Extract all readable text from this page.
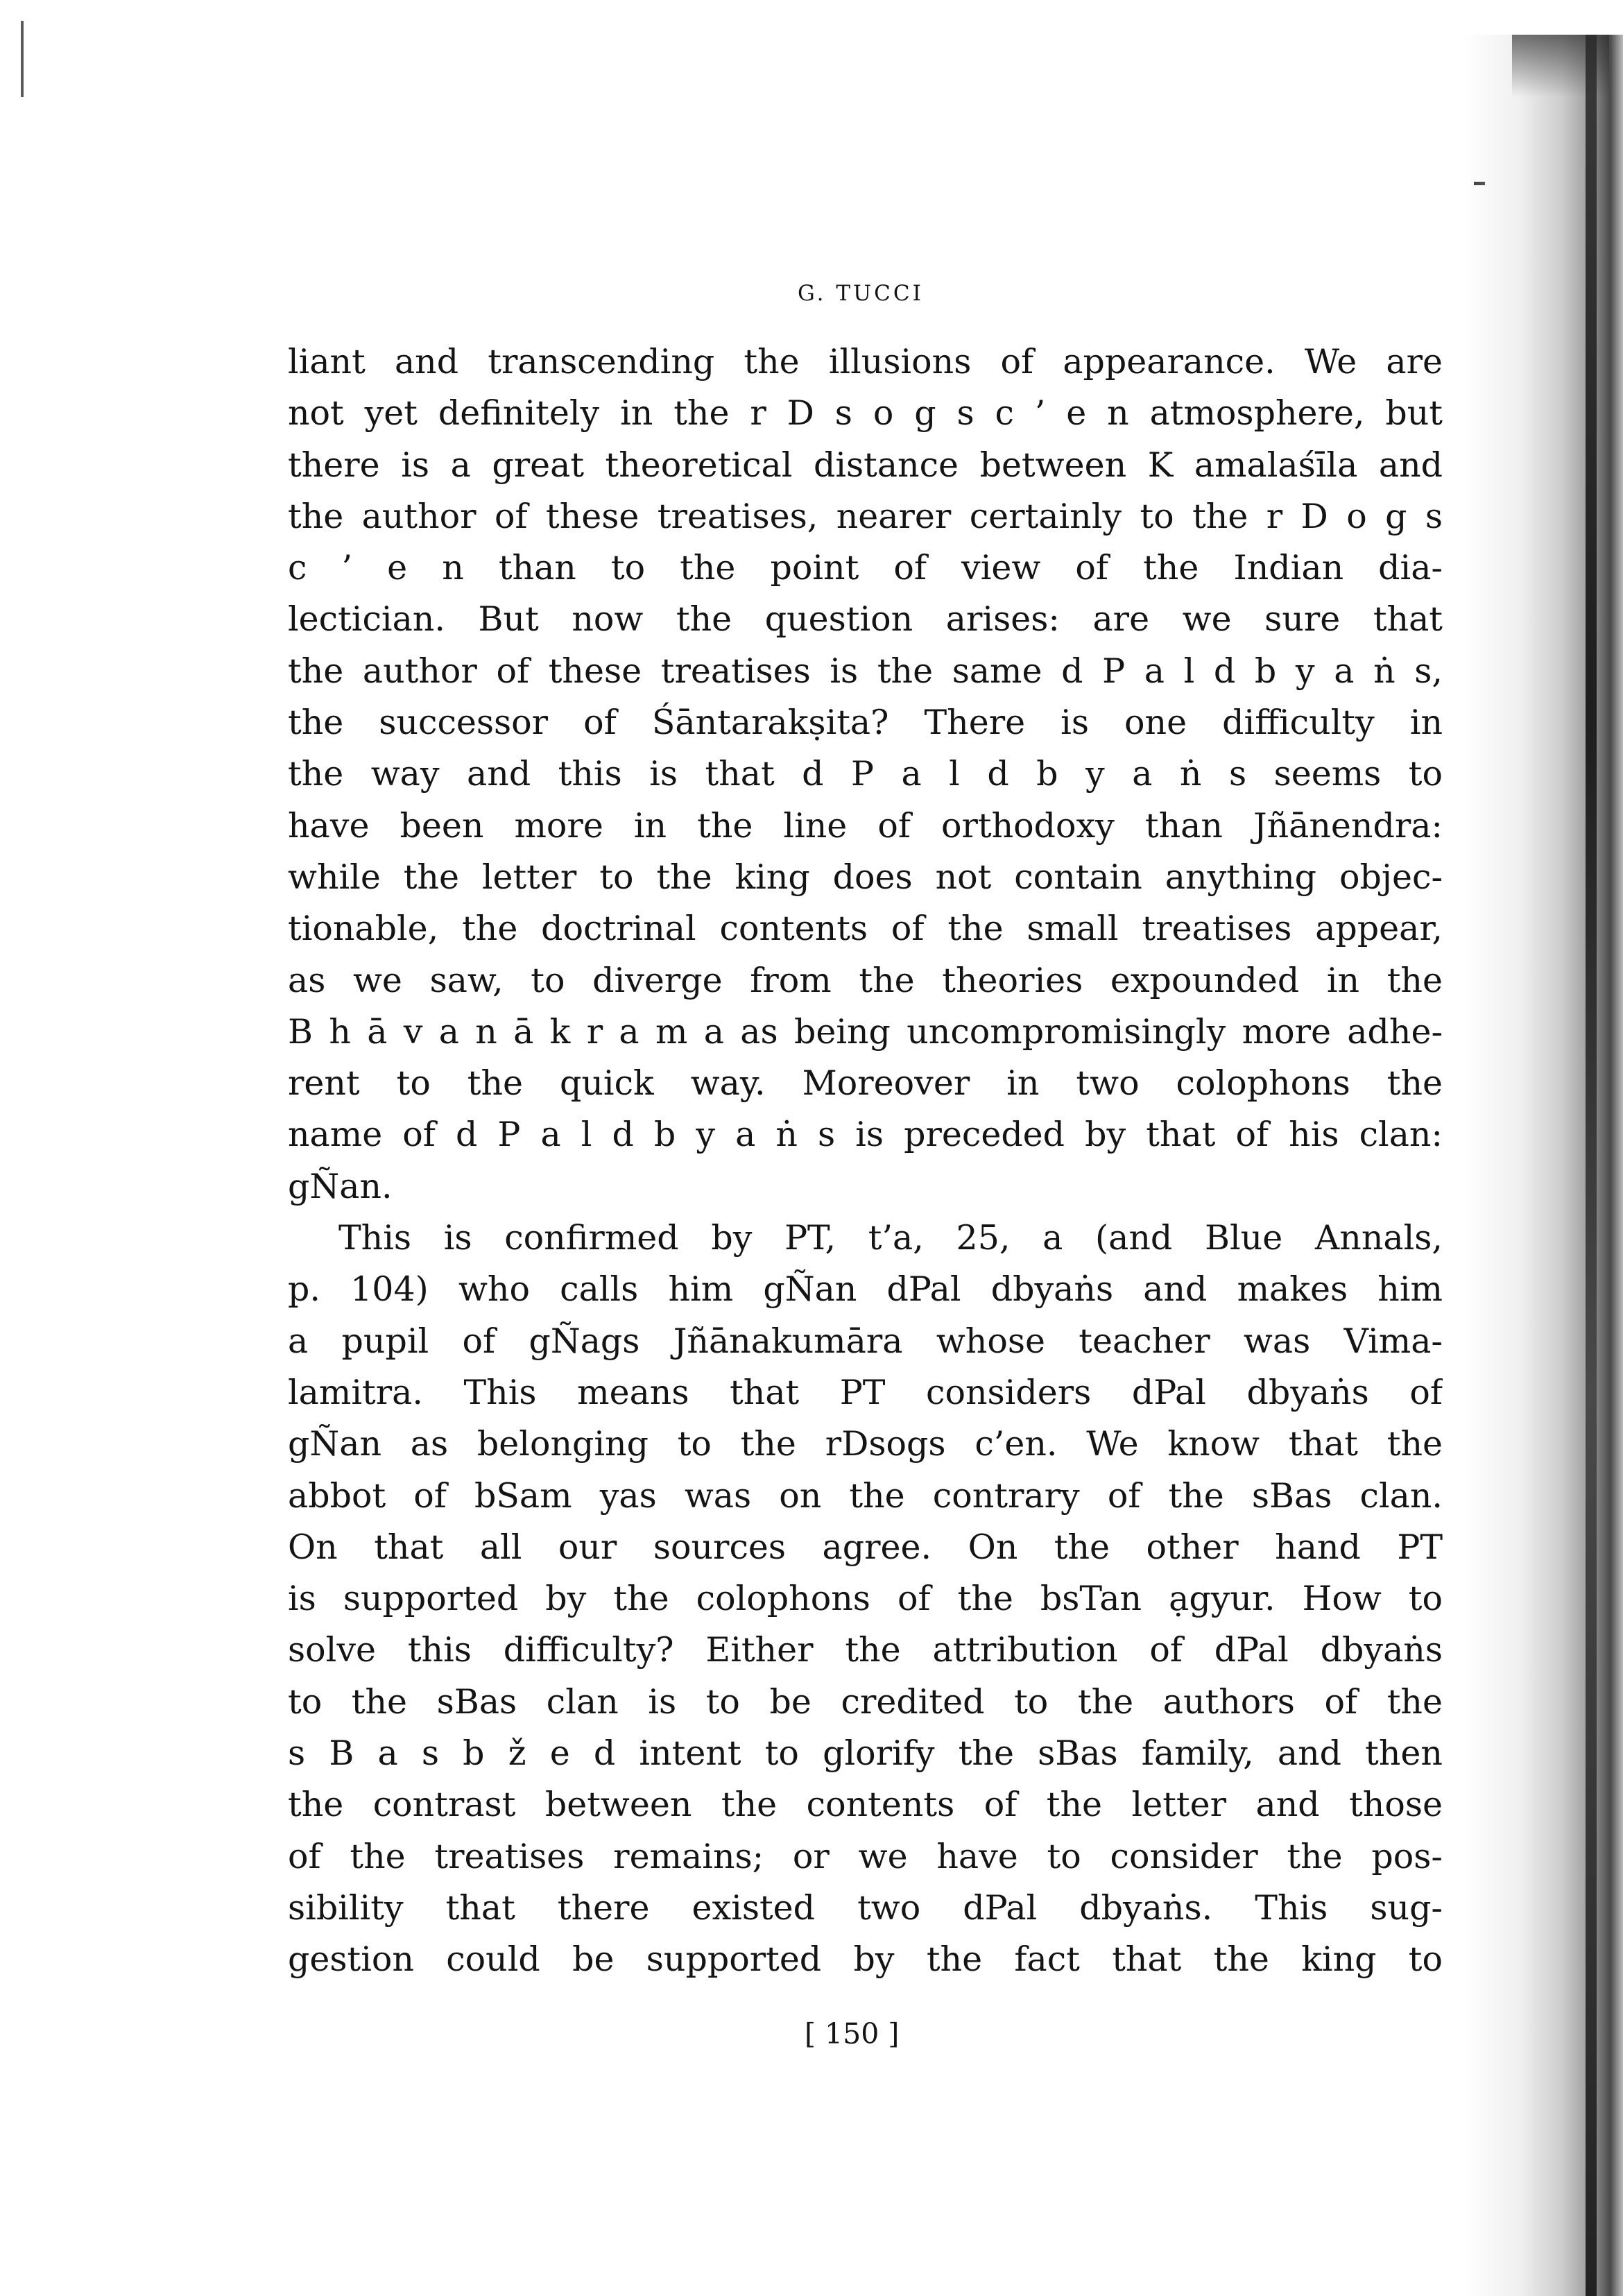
G. TUCCI
liant and transcending the illusions of appearance. We are
not yet definitely in the r D s o g s c ’ e n atmosphere, but
there is a great theoretical distance between K amalaśīla and
the author of these treatises, nearer certainly to the r D o g s
c ’ e n than to the point of view of the Indian dia-
lectician. But now the question arises: are we sure that
the author of these treatises is the same d P a l d b y a ṅ s,
the successor of Śāntarakṣita? There is one difficulty in
the way and this is that d P a l d b y a ṅ s seems to
have been more in the line of orthodoxy than Jñānendra:
while the letter to the king does not contain anything objec-
tionable, the doctrinal contents of the small treatises appear,
as we saw, to diverge from the theories expounded in the
B h ā v a n ā k r a m a as being uncompromisingly more adhe-
rent to the quick way. Moreover in two colophons the
name of d P a l d b y a ṅ s is preceded by that of his clan:
gÑan.
This is confirmed by PT, t’a, 25, a (and Blue Annals,
p. 104) who calls him gÑan dPal dbyaṅs and makes him
a pupil of gÑags Jñānakumāra whose teacher was Vima-
lamitra. This means that PT considers dPal dbyaṅs of
gÑan as belonging to the rDsogs c’en. We know that the
abbot of bSam yas was on the contrary of the sBas clan.
On that all our sources agree. On the other hand PT
is supported by the colophons of the bsTan ạgyur. How to
solve this difficulty? Either the attribution of dPal dbyaṅs
to the sBas clan is to be credited to the authors of the
s B a s b ž e d intent to glorify the sBas family, and then
the contrast between the contents of the letter and those
of the treatises remains; or we have to consider the pos-
sibility that there existed two dPal dbyaṅs. This sug-
gestion could be supported by the fact that the king to
[ 150 ]
